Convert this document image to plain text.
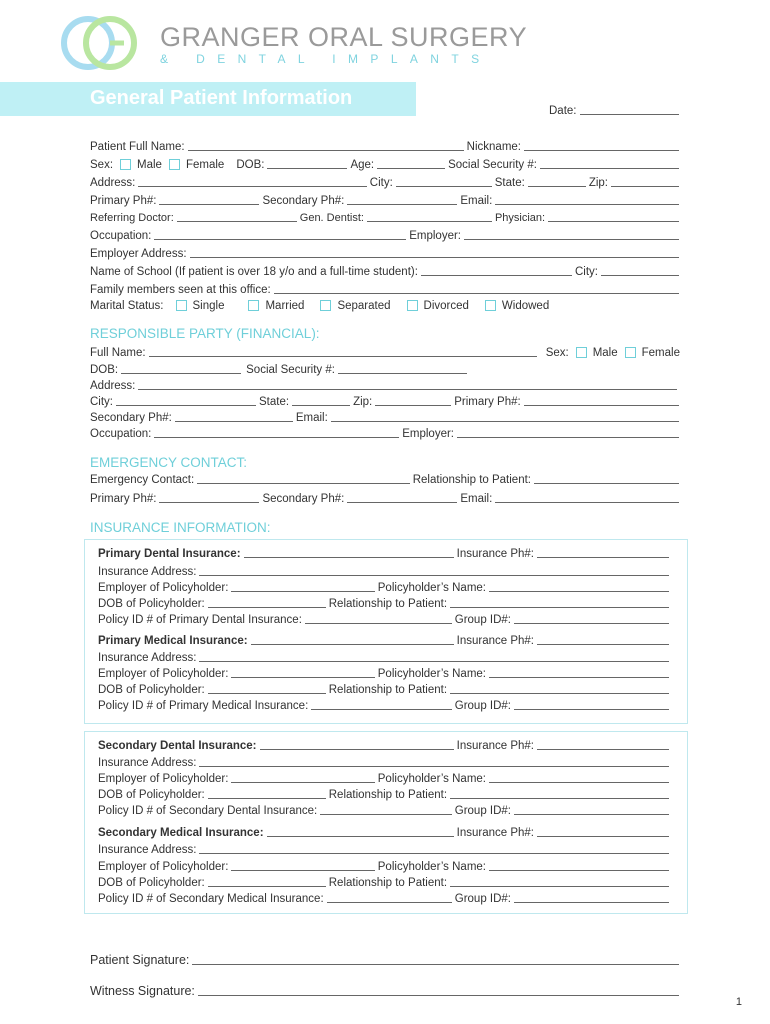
GRANGER ORAL SURGERY
& DENTAL IMPLANTS
General Patient Information
Date:
Patient Full Name:	Nickname:
Sex: Male Female DOB:	Age:	Social Security #:
Address:	City:	State:	Zip:
Primary Ph#:	Secondary Ph#:	Email:
Referring Doctor:	Gen. Dentist:	Physician:
Occupation:	Employer:
Employer Address:
Name of School (If patient is over 18 y/o and a full-time student):	City:
Family members seen at this office:
Marital Status:	Single	Married	Separated	Divorced	Widowed
RESPONSIBLE PARTY (FINANCIAL):
Full Name:	Sex: Male Female
DOB:	Social Security #:
Address:
City:	State:	Zip:	Primary Ph#:
Secondary Ph#:	Email:
Occupation:	Employer:
EMERGENCY CONTACT:
Emergency Contact:	Relationship to Patient:
Primary Ph#:	Secondary Ph#:	Email:
INSURANCE INFORMATION:
Primary Dental Insurance:	Insurance Ph#:
Insurance Address:
Employer of Policyholder:	Policyholder’s Name:
DOB of Policyholder:	Relationship to Patient:
Policy ID # of Primary Dental Insurance:	Group ID#:
Primary Medical Insurance:	Insurance Ph#:
Insurance Address:
Employer of Policyholder:	Policyholder’s Name:
DOB of Policyholder:	Relationship to Patient:
Policy ID # of Primary Medical Insurance:	Group ID#:
Secondary Dental Insurance:	Insurance Ph#:
Insurance Address:
Employer of Policyholder:	Policyholder’s Name:
DOB of Policyholder:	Relationship to Patient:
Policy ID # of Secondary Dental Insurance:	Group ID#:
Secondary Medical Insurance:	Insurance Ph#:
Insurance Address:
Employer of Policyholder:	Policyholder’s Name:
DOB of Policyholder:	Relationship to Patient:
Policy ID # of Secondary Medical Insurance:	Group ID#:
Patient Signature:
Witness Signature:
1
